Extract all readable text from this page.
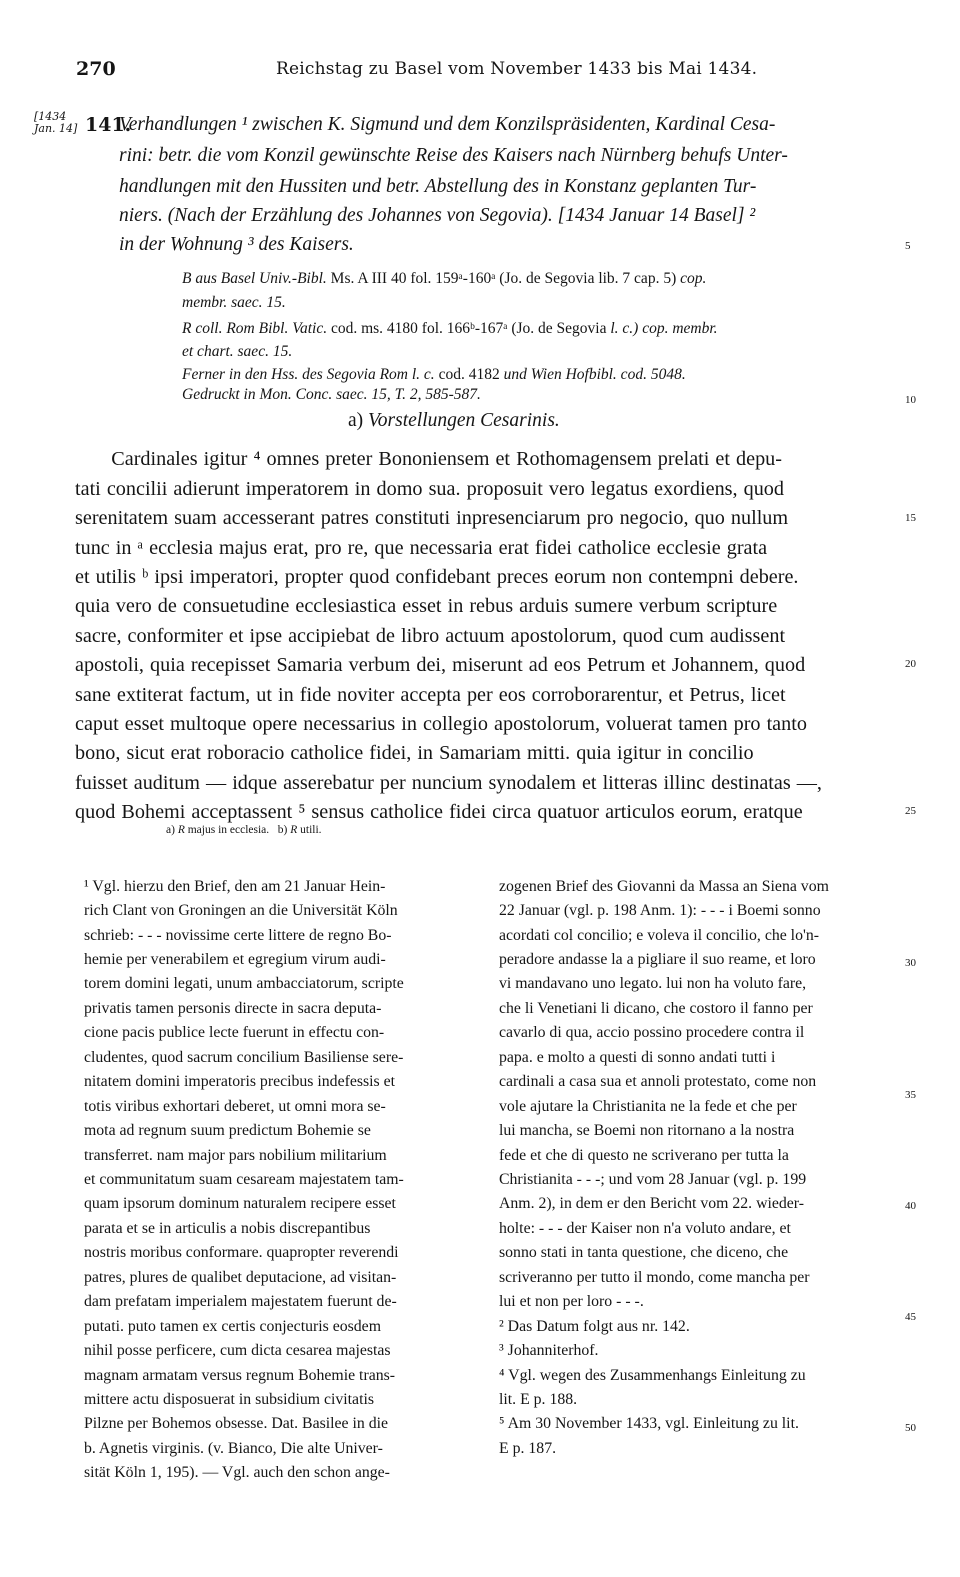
270	Reichstag zu Basel vom November 1433 bis Mai 1434.
[1434
Jan. 14] 141.
Verhandlungen ¹ zwischen K. Sigmund und dem Konzilspräsidenten, Kardinal Cesa-
rini: betr. die vom Konzil gewünschte Reise des Kaisers nach Nürnberg behufs Unter-
handlungen mit den Hussiten und betr. Abstellung des in Konstanz geplanten Tur-
niers. (Nach der Erzählung des Johannes von Segovia). [1434 Januar 14 Basel] ²
in der Wohnung ³ des Kaisers.
B aus Basel Univ.-Bibl. Ms. A III 40 fol. 159ᵃ-160ᵃ (Jo. de Segovia lib. 7 cap. 5) cop.
membr. saec. 15.
R coll. Rom Bibl. Vatic. cod. ms. 4180 fol. 166ᵇ-167ᵃ (Jo. de Segovia l. c.) cop. membr.
et chart. saec. 15.
Ferner in den Hss. des Segovia Rom l. c. cod. 4182 und Wien Hofbibl. cod. 5048.
Gedruckt in Mon. Conc. saec. 15, T. 2, 585-587.
a) Vorstellungen Cesarinis.
Cardinales igitur ⁴ omnes preter Bononiensem et Rothomagensem prelati et depu-
tati concilii adierunt imperatorem in domo sua. proposuit vero legatus exordiens, quod
serenitatem suam accesserant patres constituti inpresenciarum pro negocio, quo nullum
tunc in ᵃ ecclesia majus erat, pro re, que necessaria erat fidei catholice ecclesie grata
et utilis ᵇ ipsi imperatori, propter quod confidebant preces eorum non contempni debere.
quia vero de consuetudine ecclesiastica esset in rebus arduis sumere verbum scripture
sacre, conformiter et ipse accipiebat de libro actuum apostolorum, quod cum audissent
apostoli, quia recepisset Samaria verbum dei, miserunt ad eos Petrum et Johannem, quod
sane extiterat factum, ut in fide noviter accepta per eos corroborarentur, et Petrus, licet
caput esset multoque opere necessarius in collegio apostolorum, voluerat tamen pro tanto
bono, sicut erat roboracio catholice fidei, in Samariam mitti. quia igitur in concilio
fuisset auditum — idque asserebatur per nuncium synodalem et litteras illinc destinatas —,
quod Bohemi acceptassent ⁵ sensus catholice fidei circa quatuor articulos eorum, eratque
5
10
15
20
25
30
35
40
45
50
a) R majus in ecclesia. b) R utili.
¹ Vgl. hierzu den Brief, den am 21 Januar Hein-
rich Clant von Groningen an die Universität Köln
schrieb: - - - novissime certe littere de regno Bo-
hemie per venerabilem et egregium virum audi-
torem domini legati, unum ambacciatorum, scripte
privatis tamen personis directe in sacra deputa-
cione pacis publice lecte fuerunt in effectu con-
cludentes, quod sacrum concilium Basiliense sere-
nitatem domini imperatoris precibus indefessis et
totis viribus exhortari deberet, ut omni mora se-
mota ad regnum suum predictum Bohemie se
transferret. nam major pars nobilium militarium
et communitatum suam cesaream majestatem tam-
quam ipsorum dominum naturalem recipere esset
parata et se in articulis a nobis discrepantibus
nostris moribus conformare. quapropter reverendi
patres, plures de qualibet deputacione, ad visitan-
dam prefatam imperialem majestatem fuerunt de-
putati. puto tamen ex certis conjecturis eosdem
nihil posse perficere, cum dicta cesarea majestas
magnam armatam versus regnum Bohemie trans-
mittere actu disposuerat in subsidium civitatis
Pilzne per Bohemos obsesse. Dat. Basilee in die
b. Agnetis virginis. (v. Bianco, Die alte Univer-
sität Köln 1, 195). — Vgl. auch den schon ange-
zogenen Brief des Giovanni da Massa an Siena vom
22 Januar (vgl. p. 198 Anm. 1): - - - i Boemi sonno
acordati col concilio; e voleva il concilio, che lo'n-
peradore andasse la a pigliare il suo reame, et loro
vi mandavano uno legato. lui non ha voluto fare,
che li Venetiani li dicano, che costoro il fanno per
cavarlo di qua, accio possino procedere contra il
papa. e molto a questi di sonno andati tutti i
cardinali a casa sua et annoli protestato, come non
vole ajutare la Christianita ne la fede et che per
lui mancha, se Boemi non ritornano a la nostra
fede et che di questo ne scriverano per tutta la
Christianita - - -; und vom 28 Januar (vgl. p. 199
Anm. 2), in dem er den Bericht vom 22. wieder-
holte: - - - der Kaiser non n'a voluto andare, et
sonno stati in tanta questione, che diceno, che
scriveranno per tutto il mondo, come mancha per
lui et non per loro - - -.
² Das Datum folgt aus nr. 142.
³ Johanniterhof.
⁴ Vgl. wegen des Zusammenhangs Einleitung zu
lit. E p. 188.
⁵ Am 30 November 1433, vgl. Einleitung zu lit.
E p. 187.
